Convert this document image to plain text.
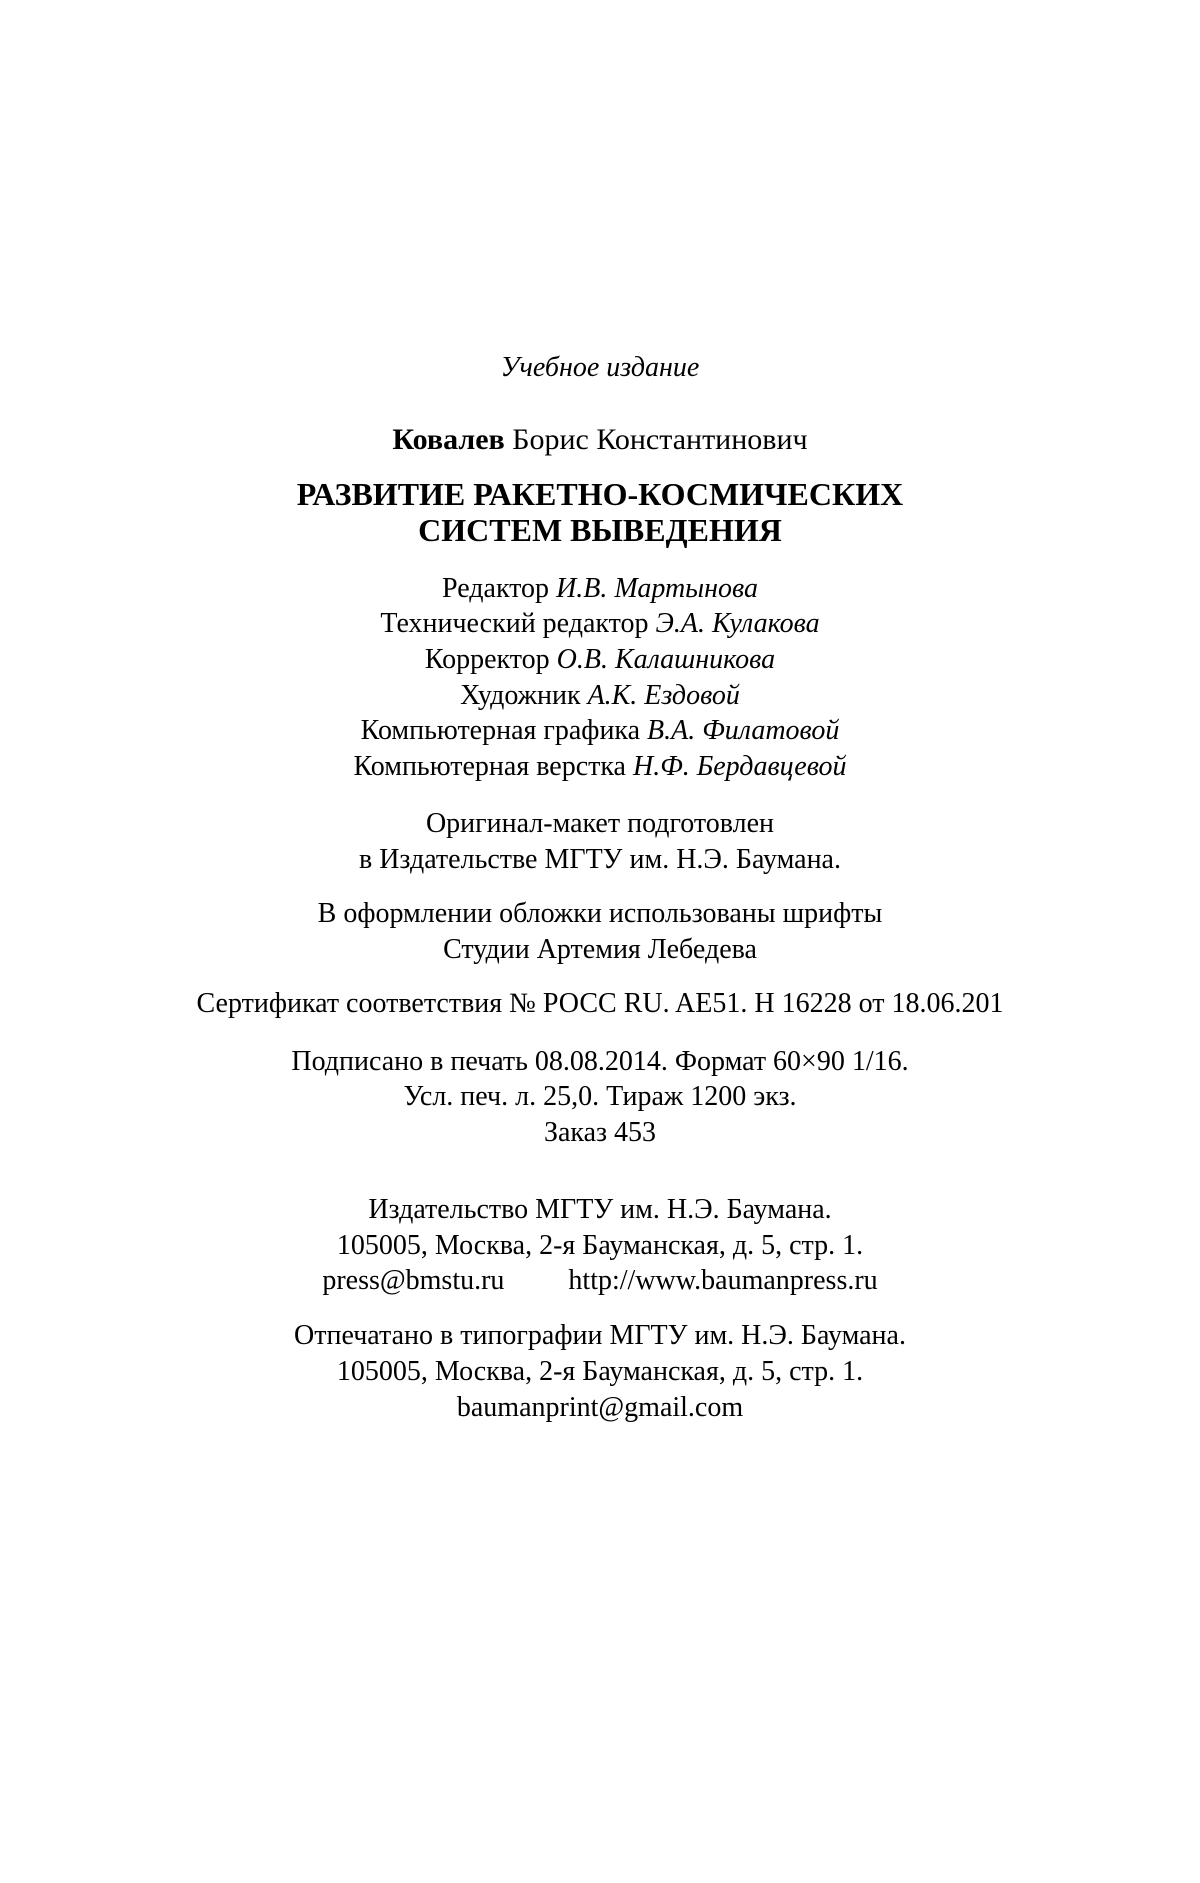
Учебное издание
Ковалев Борис Константинович
РАЗВИТИЕ РАКЕТНО-КОСМИЧЕСКИХ
СИСТЕМ ВЫВЕДЕНИЯ
Редактор И.В. Мартынова
Технический редактор Э.А. Кулакова
Корректор О.В. Калашникова
Художник А.К. Ездовой
Компьютерная графика В.А. Филатовой
Компьютерная верстка Н.Ф. Бердавцевой
Оригинал-макет подготовлен
в Издательстве МГТУ им. Н.Э. Баумана.
В оформлении обложки использованы шрифты
Студии Артемия Лебедева
Сертификат соответствия № РОСС RU. AE51. H 16228 от 18.06.201
Подписано в печать 08.08.2014. Формат 60×90 1/16.
Усл. печ. л. 25,0. Тираж 1200 экз.
Заказ 453
Издательство МГТУ им. Н.Э. Баумана.
105005, Москва, 2-я Бауманская, д. 5, стр. 1.
press@bmstu.ru http://www.baumanpress.ru
Отпечатано в типографии МГТУ им. Н.Э. Баумана.
105005, Москва, 2-я Бауманская, д. 5, стр. 1.
baumanprint@gmail.com
